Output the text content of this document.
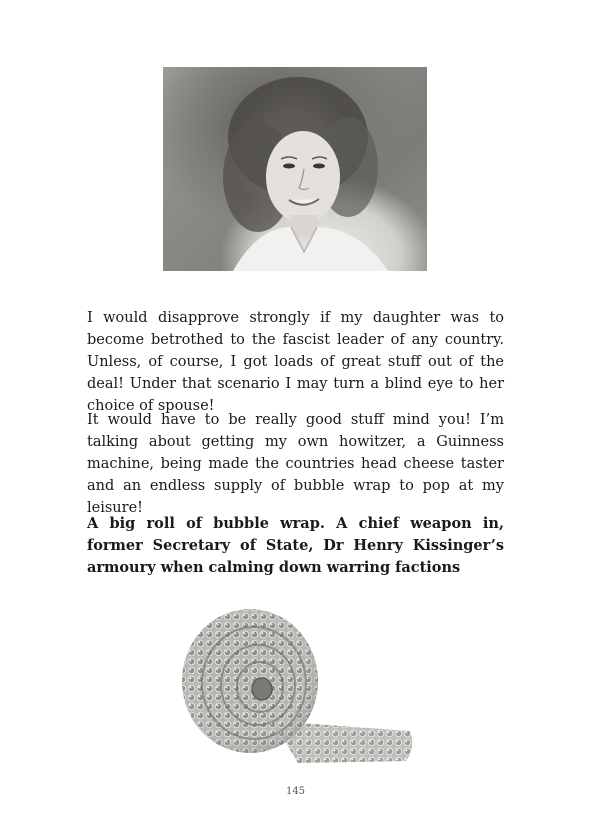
I would disapprove strongly if my daughter was to become betrothed to the fascist leader of any country. Unless, of course, I got loads of great stuff out of the deal! Under that scenario I may turn a blind eye to her choice of spouse!

It would have to be really good stuff mind you! I’m talking about getting my own howitzer, a Guinness machine, being made the countries head cheese taster and an endless supply of bubble wrap to pop at my leisure!

A big roll of bubble wrap. A chief weapon in, former Secretary of State, Dr Henry Kissinger’s armoury when calming down warring factions

145
